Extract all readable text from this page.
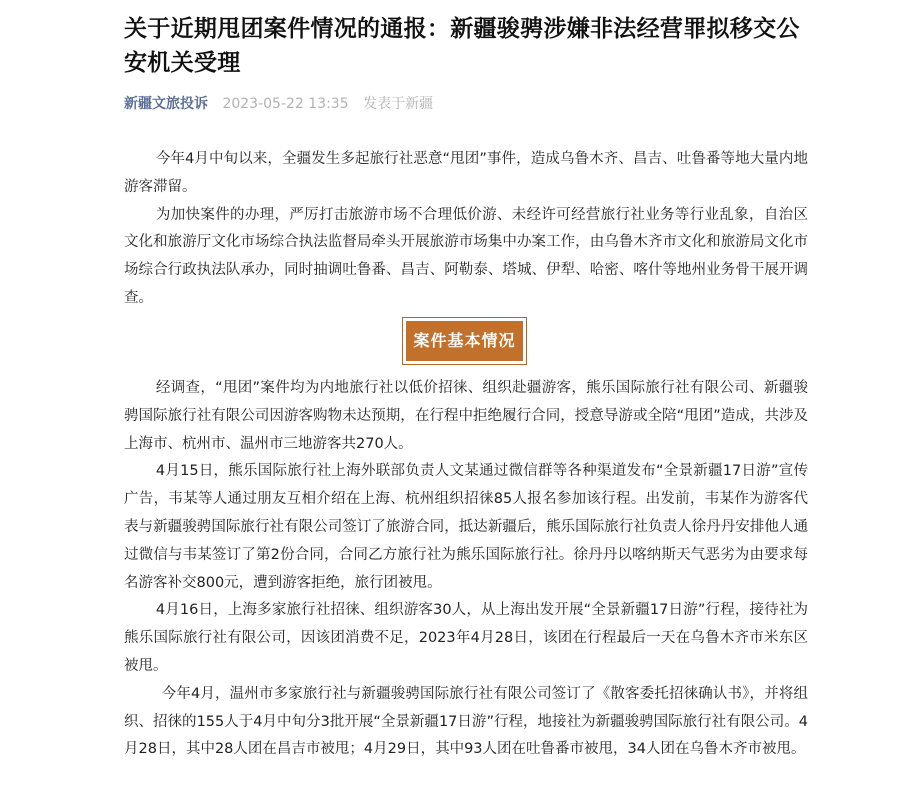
关于近期甩团案件情况的通报：新疆骏骋涉嫌非法经营罪拟移交公安机关受理
新疆文旅投诉 2023-05-22 13:35 发表于新疆

今年4月中旬以来，全疆发生多起旅行社恶意“甩团”事件，造成乌鲁木齐、昌吉、吐鲁番等地大量内地游客滞留。

为加快案件的办理，严厉打击旅游市场不合理低价游、未经许可经营旅行社业务等行业乱象，自治区文化和旅游厅文化市场综合执法监督局牵头开展旅游市场集中办案工作，由乌鲁木齐市文化和旅游局文化市场综合行政执法队承办，同时抽调吐鲁番、昌吉、阿勒泰、塔城、伊犁、哈密、喀什等地州业务骨干展开调查。

案件基本情况

经调查，“甩团”案件均为内地旅行社以低价招徕、组织赴疆游客，熊乐国际旅行社有限公司、新疆骏骋国际旅行社有限公司因游客购物未达预期，在行程中拒绝履行合同，授意导游或全陪“甩团”造成，共涉及上海市、杭州市、温州市三地游客共270人。

4月15日，熊乐国际旅行社上海外联部负责人文某通过微信群等各种渠道发布“全景新疆17日游”宣传广告，韦某等人通过朋友互相介绍在上海、杭州组织招徕85人报名参加该行程。出发前，韦某作为游客代表与新疆骏骋国际旅行社有限公司签订了旅游合同，抵达新疆后，熊乐国际旅行社负责人徐丹丹安排他人通过微信与韦某签订了第2份合同，合同乙方旅行社为熊乐国际旅行社。徐丹丹以喀纳斯天气恶劣为由要求每名游客补交800元，遭到游客拒绝，旅行团被甩。

4月16日，上海多家旅行社招徕、组织游客30人，从上海出发开展“全景新疆17日游”行程，接待社为熊乐国际旅行社有限公司，因该团消费不足，2023年4月28日，该团在行程最后一天在乌鲁木齐市米东区被甩。

今年4月，温州市多家旅行社与新疆骏骋国际旅行社有限公司签订了《散客委托招徕确认书》，并将组织、招徕的155人于4月中旬分3批开展“全景新疆17日游”行程，地接社为新疆骏骋国际旅行社有限公司。4月28日，其中28人团在昌吉市被甩；4月29日，其中93人团在吐鲁番市被甩，34人团在乌鲁木齐市被甩。
